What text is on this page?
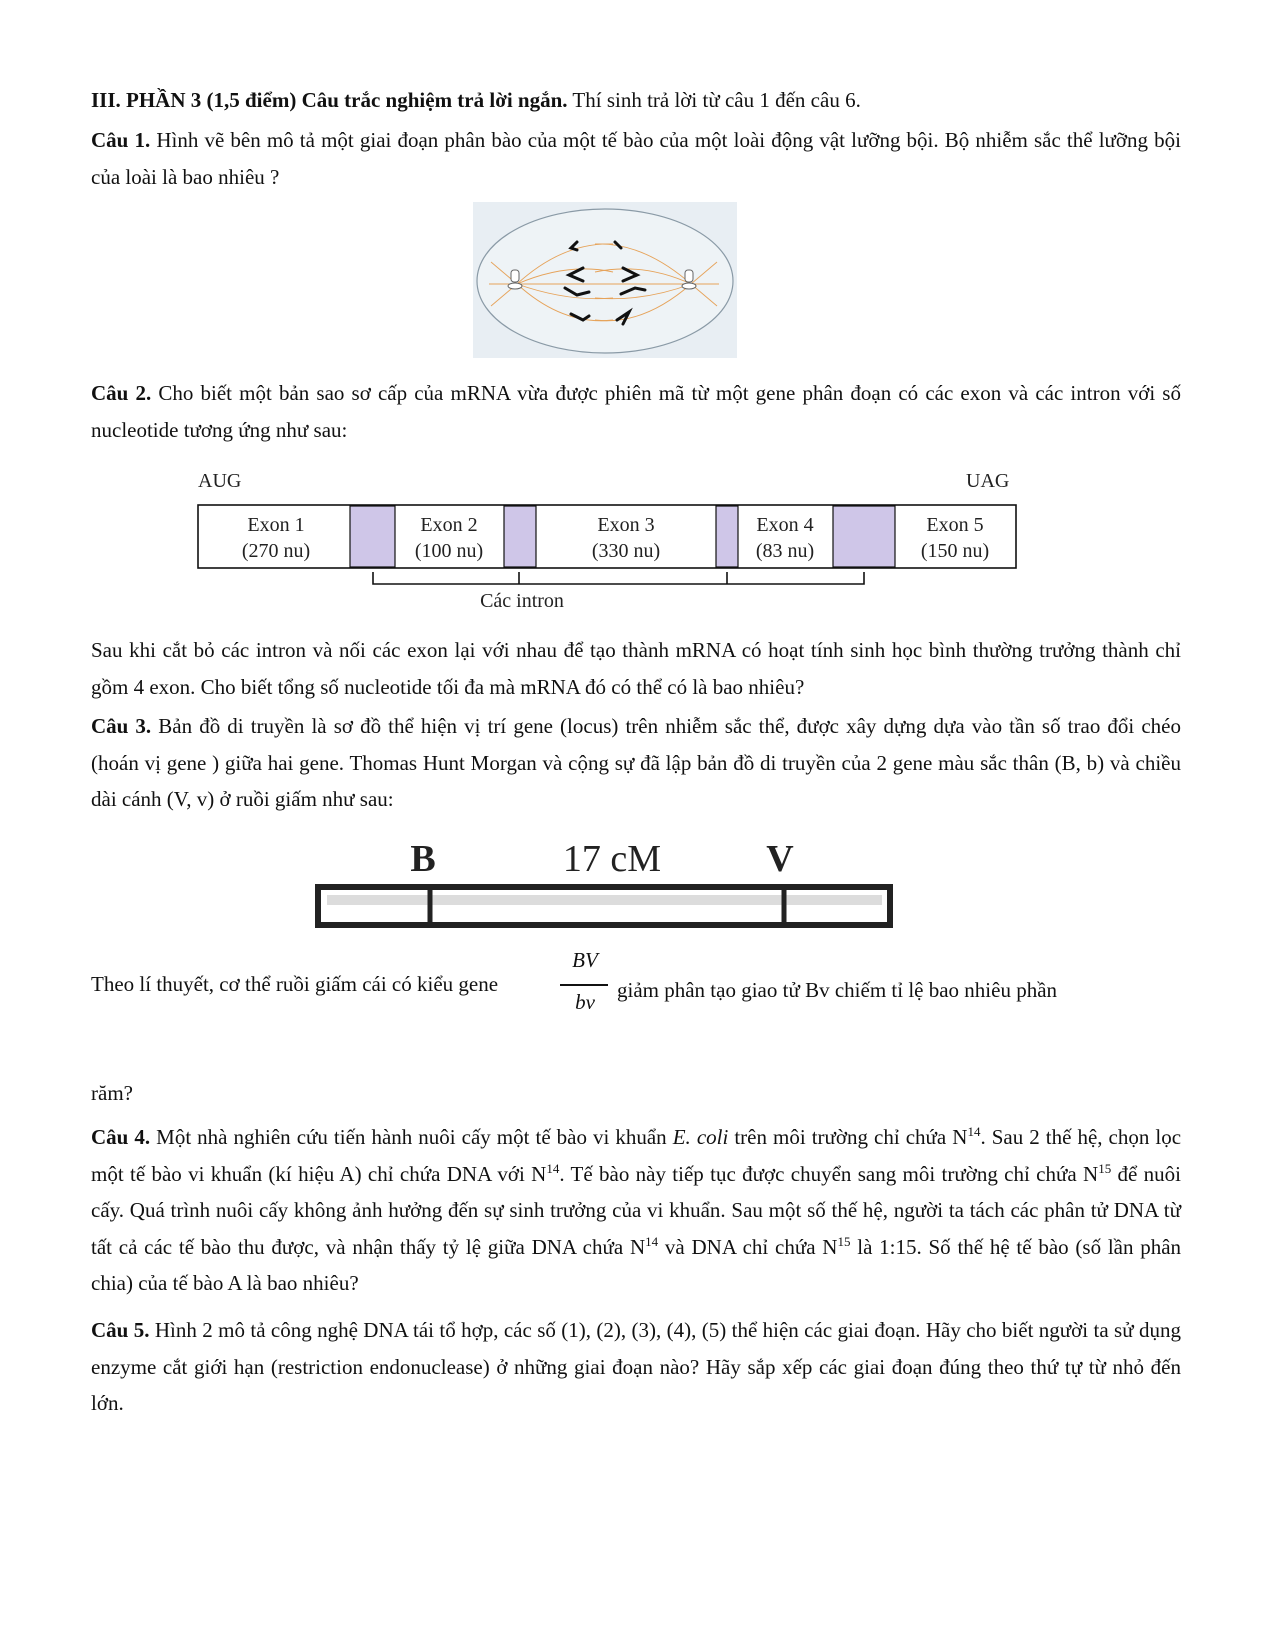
III. PHẦN 3 (1,5 điểm) Câu trắc nghiệm trả lời ngắn. Thí sinh trả lời từ câu 1 đến câu 6.
Câu 1. Hình vẽ bên mô tả một giai đoạn phân bào của một tế bào của một loài động vật lưỡng bội. Bộ nhiễm sắc thể lưỡng bội của loài là bao nhiêu ?
Câu 2. Cho biết một bản sao sơ cấp của mRNA vừa được phiên mã từ một gene phân đoạn có các exon và các intron với số nucleotide tương ứng như sau:
AUG	UAG
Exon 1
(270 nu)
Exon 2
(100 nu)
Exon 3
(330 nu)
Exon 4
(83 nu)
Exon 5
(150 nu)
Các intron
Sau khi cắt bỏ các intron và nối các exon lại với nhau để tạo thành mRNA có hoạt tính sinh học bình thường trưởng thành chỉ gồm 4 exon. Cho biết tổng số nucleotide tối đa mà mRNA đó có thể có là bao nhiêu?
Câu 3. Bản đồ di truyền là sơ đồ thể hiện vị trí gene (locus) trên nhiễm sắc thể, được xây dựng dựa vào tần số trao đổi chéo (hoán vị gene ) giữa hai gene. Thomas Hunt Morgan và cộng sự đã lập bản đồ di truyền của 2 gene màu sắc thân (B, b) và chiều dài cánh (V, v) ở ruồi giấm như sau:
B	17 cM	V
Theo lí thuyết, cơ thể ruồi giấm cái có kiểu gene
BV
bv	giảm phân tạo giao tử Bv chiếm tỉ lệ bao nhiêu phần
răm?
Câu 4. Một nhà nghiên cứu tiến hành nuôi cấy một tế bào vi khuẩn E. coli trên môi trường chỉ chứa $N^{14}$. Sau 2 thế hệ, chọn lọc một tế bào vi khuẩn (kí hiệu A) chỉ chứa DNA với $N^{14}$. Tế bào này tiếp tục được chuyển sang môi trường chỉ chứa $N^{15}$ để nuôi cấy. Quá trình nuôi cấy không ảnh hưởng đến sự sinh trưởng của vi khuẩn. Sau một số thế hệ, người ta tách các phân tử DNA từ tất cả các tế bào thu được, và nhận thấy tỷ lệ giữa DNA chứa $N^{14}$ và DNA chỉ chứa $N^{15}$ là 1:15. Số thế hệ tế bào (số lần phân chia) của tế bào A là bao nhiêu?
Câu 5. Hình 2 mô tả công nghệ DNA tái tổ hợp, các số (1), (2), (3), (4), (5) thể hiện các giai đoạn. Hãy cho biết người ta sử dụng enzyme cắt giới hạn (restriction endonuclease) ở những giai đoạn nào? Hãy sắp xếp các giai đoạn đúng theo thứ tự từ nhỏ đến lớn.
